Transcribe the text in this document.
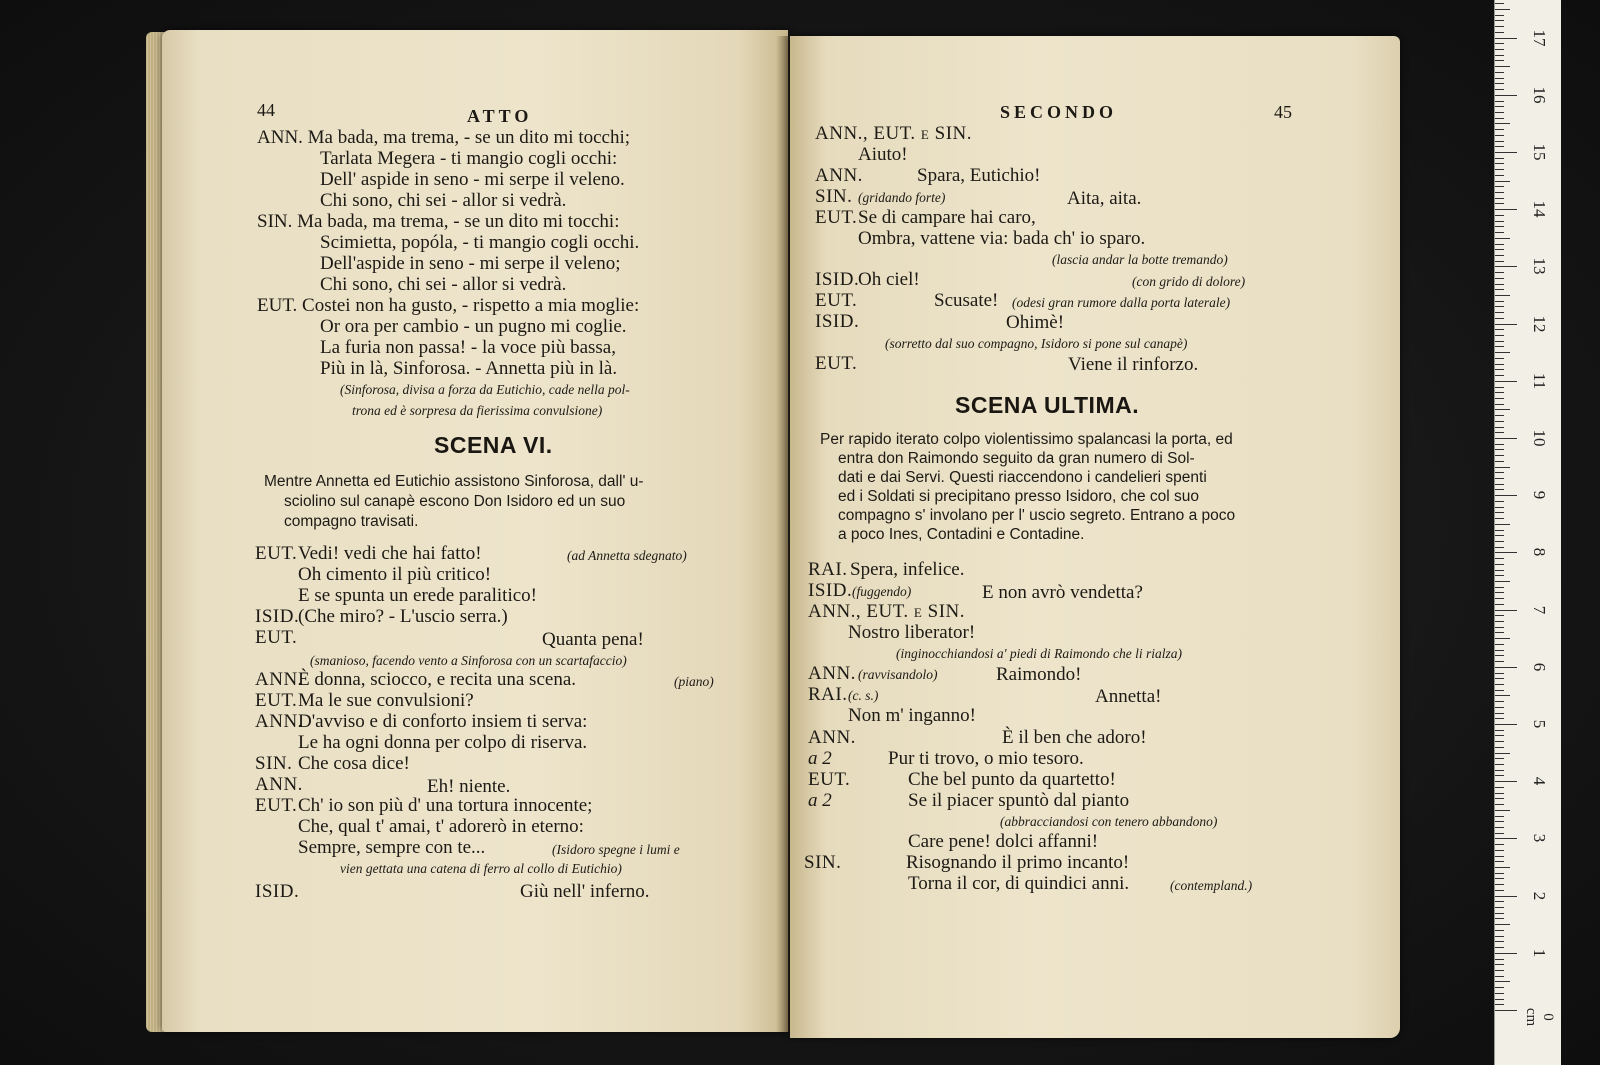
44	ATTO
ANN. Ma bada, ma trema, - se un dito mi tocchi;
Tarlata Megera - ti mangio cogli occhi:
Dell' aspide in seno - mi serpe il veleno.
Chi sono, chi sei - allor si vedrà.
SIN. Ma bada, ma trema, - se un dito mi tocchi:
Scimietta, popóla, - ti mangio cogli occhi.
Dell'aspide in seno - mi serpe il veleno;
Chi sono, chi sei - allor si vedrà.
EUT. Costei non ha gusto, - rispetto a mia moglie:
Or ora per cambio - un pugno mi coglie.
La furia non passa! - la voce più bassa,
Più in là, Sinforosa. - Annetta più in là.
(Sinforosa, divisa a forza da Eutichio, cade nella pol-
trona ed è sorpresa da fierissima convulsione)
SCENA VI.
Mentre Annetta ed Eutichio assistono Sinforosa, dall' u-
sciolino sul canapè escono Don Isidoro ed un suo
compagno travisati.
EUT. Vedi! vedi che hai fatto!	(ad Annetta sdegnato)
Oh cimento il più critico!
E se spunta un erede paralitico!
ISID.
(Che miro? - L'uscio serra.)
EUT.	Quanta pena!
(smanioso, facendo vento a Sinforosa con un scartafaccio)
ANN.
È donna, sciocco, e recita una scena.	(piano)
EUT. Ma le sue convulsioni?
ANN.
D'avviso e di conforto insiem ti serva:
Le ha ogni donna per colpo di riserva.
SIN. Che cosa dice!
ANN.	Eh! niente.
EUT. Ch' io son più d' una tortura innocente;
Che, qual t' amai, t' adorerò in eterno:
Sempre, sempre con te...	(Isidoro spegne i lumi e
vien gettata una catena di ferro al collo di Eutichio)
ISID.	Giù nell' inferno.
SECONDO	45
ANN., EUT. e SIN.
Aiuto!
ANN.	Spara, Eutichio!
SIN. (gridando forte)	Aita, aita.
EUT. Se di campare hai caro,
Ombra, vattene via: bada ch' io sparo.
(lascia andar la botte tremando)
ISID.
Oh ciel!	(con grido di dolore)
EUT.	Scusate! (odesi gran rumore dalla porta laterale)
ISID.	Ohimè!
(sorretto dal suo compagno, Isidoro si pone sul canapè)
EUT.	Viene il rinforzo.
SCENA ULTIMA.
Per rapido iterato colpo violentissimo spalancasi la porta, ed
entra don Raimondo seguito da gran numero di Sol-
dati e dai Servi. Questi riaccendono i candelieri spenti
ed i Soldati si precipitano presso Isidoro, che col suo
compagno s' involano per l' uscio segreto. Entrano a poco
a poco Ines, Contadini e Contadine.
RAI. Spera, infelice.
ISID. (fuggendo)	E non avrò vendetta?
ANN., EUT. e SIN.
Nostro liberator!
(inginocchiandosi a' piedi di Raimondo che li rialza)
ANN. (ravvisandolo)	Raimondo!
RAI. (c. s.)	Annetta!
Non m' inganno!
ANN.	È il ben che adoro!
a 2	Pur ti trovo, o mio tesoro.
EUT.	Che bel punto da quartetto!
a 2	Se il piacer spuntò dal pianto
(abbracciandosi con tenero abbandono)
Care pene! dolci affanni!
SIN.	Risognando il primo incanto!
Torna il cor, di quindici anni.	(contempland.)
0 cm
1
2
3
4
5
6
7
8
9
10
11
12
13
14
15
16
17
